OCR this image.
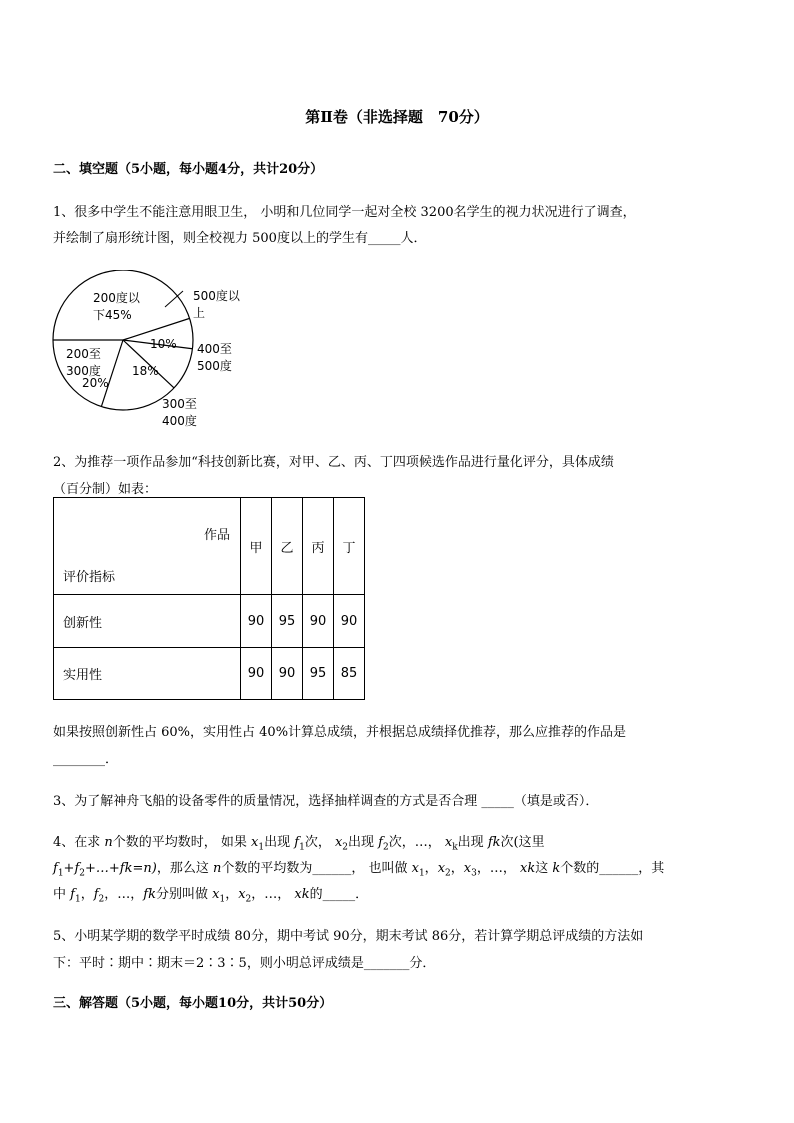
第Ⅱ卷（非选择题　70分）
二、填空题（5小题，每小题4分，共计20分）
1、很多中学生不能注意用眼卫生， 小明和几位同学一起对全校 3200名学生的视力状况进行了调查，
并绘制了扇形统计图，则全校视力 500度以上的学生有_____人．
200度以
下45%
500度以
上
10% 400至
500度
200至
300度
20%
18%
300至
400度
2、为推荐一项作品参加“科技创新比赛，对甲、乙、丙、丁四项候选作品进行量化评分，具体成绩
（百分制）如表：
作品
评价指标	甲	乙	丙	丁
创新性	90	95	90	90
实用性	90	90	95	85
如果按照创新性占 60%，实用性占 40%计算总成绩，并根据总成绩择优推荐，那么应推荐的作品是
________．
3、为了解神舟飞船的设备零件的质量情况，选择抽样调查的方式是否合理 _____（填是或否）．
4、在求 n个数的平均数时， 如果 $x_1$出现 $f_1$次， $x_2$出现 $f_2$次，…， $x_k$出现 fk次(这里
$f_1+f_2+\dots+fk=n$)，那么这 n个数的平均数为______， 也叫做 $x_1$，$x_2$，$x_3$，…， xk这 k个数的______，其
中 $f_1$，$f_2$，…，fk分别叫做 $x_1$，$x_2$，…， xk的_____．
5、小明某学期的数学平时成绩 80分，期中考试 90分，期末考试 86分，若计算学期总评成绩的方法如
下：平时∶期中∶期末＝2∶3∶5，则小明总评成绩是_______分．
三、解答题（5小题，每小题10分，共计50分）
